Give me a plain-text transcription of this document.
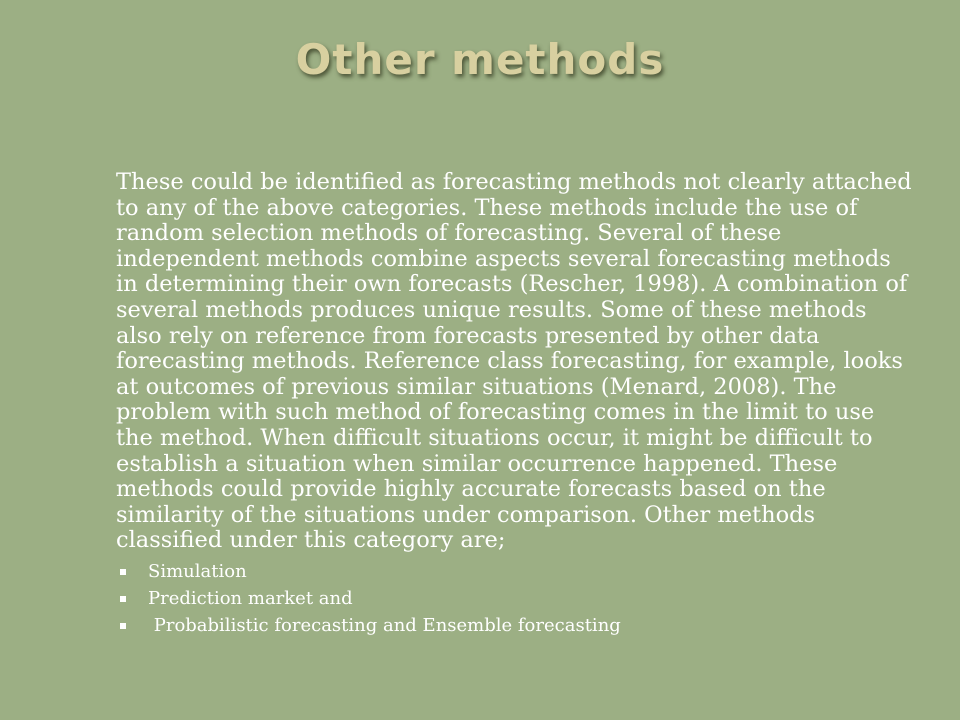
Other methods

These could be identified as forecasting methods not clearly attached to any of the above categories. These methods include the use of random selection methods of forecasting. Several of these independent methods combine aspects several forecasting methods in determining their own forecasts (Rescher, 1998). A combination of several methods produces unique results. Some of these methods also rely on reference from forecasts presented by other data forecasting methods. Reference class forecasting, for example, looks at outcomes of previous similar situations (Menard, 2008). The problem with such method of forecasting comes in the limit to use the method. When difficult situations occur, it might be difficult to establish a situation when similar occurrence happened. These methods could provide highly accurate forecasts based on the similarity of the situations under comparison. Other methods classified under this category are;

Simulation
Prediction market and
Probabilistic forecasting and Ensemble forecasting
